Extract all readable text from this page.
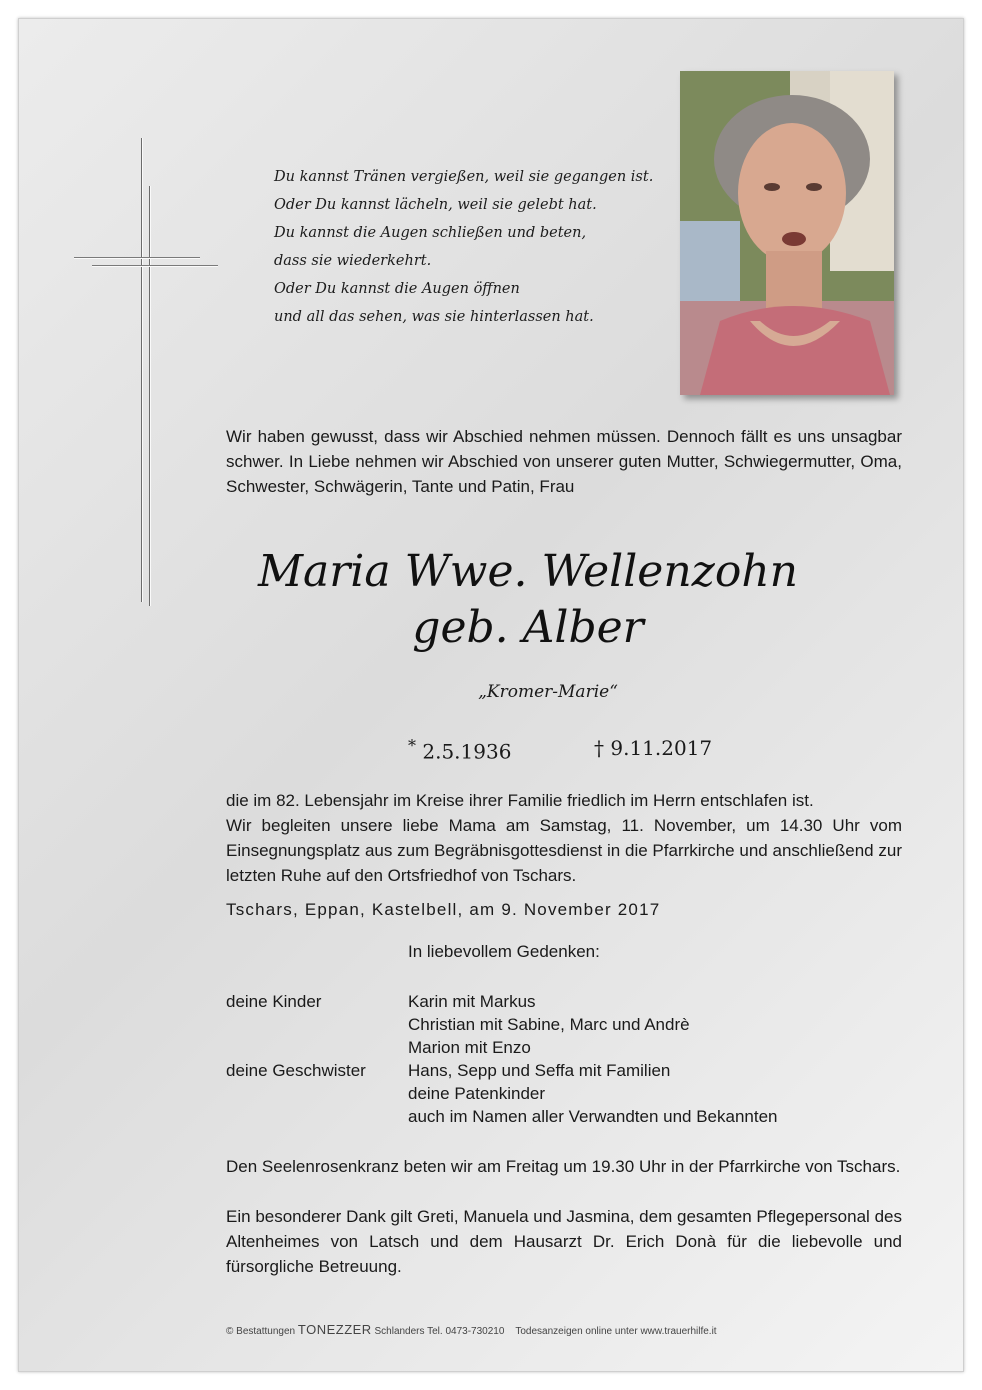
Du kannst Tränen vergießen, weil sie gegangen ist.
Oder Du kannst lächeln, weil sie gelebt hat.
Du kannst die Augen schließen und beten,
dass sie wiederkehrt.
Oder Du kannst die Augen öffnen
und all das sehen, was sie hinterlassen hat.
Wir haben gewusst, dass wir Abschied nehmen müssen. Dennoch fällt es uns unsagbar schwer. In Liebe nehmen wir Abschied von unserer guten Mutter, Schwiegermutter, Oma, Schwester, Schwägerin, Tante und Patin, Frau
Maria Wwe. Wellenzohn
geb. Alber
„Kromer-Marie“
* 2.5.1936	† 9.11.2017
die im 82. Lebensjahr im Kreise ihrer Familie friedlich im Herrn entschlafen ist.
Wir begleiten unsere liebe Mama am Samstag, 11. November, um 14.30 Uhr vom Einsegnungsplatz aus zum Begräbnisgottesdienst in die Pfarrkirche und anschließend zur letzten Ruhe auf den Ortsfriedhof von Tschars.
Tschars, Eppan, Kastelbell, am 9. November 2017
In liebevollem Gedenken:
deine Kinder	Karin mit Markus
Christian mit Sabine, Marc und Andrè
Marion mit Enzo
deine Geschwister	Hans, Sepp und Seffa mit Familien
deine Patenkinder
auch im Namen aller Verwandten und Bekannten
Den Seelenrosenkranz beten wir am Freitag um 19.30 Uhr in der Pfarrkirche von Tschars.
Ein besonderer Dank gilt Greti, Manuela und Jasmina, dem gesamten Pflegepersonal des Altenheimes von Latsch und dem Hausarzt Dr. Erich Donà für die liebevolle und fürsorgliche Betreuung.
© Bestattungen TONEZZER Schlanders Tel. 0473-730210 Todesanzeigen online unter www.trauerhilfe.it
